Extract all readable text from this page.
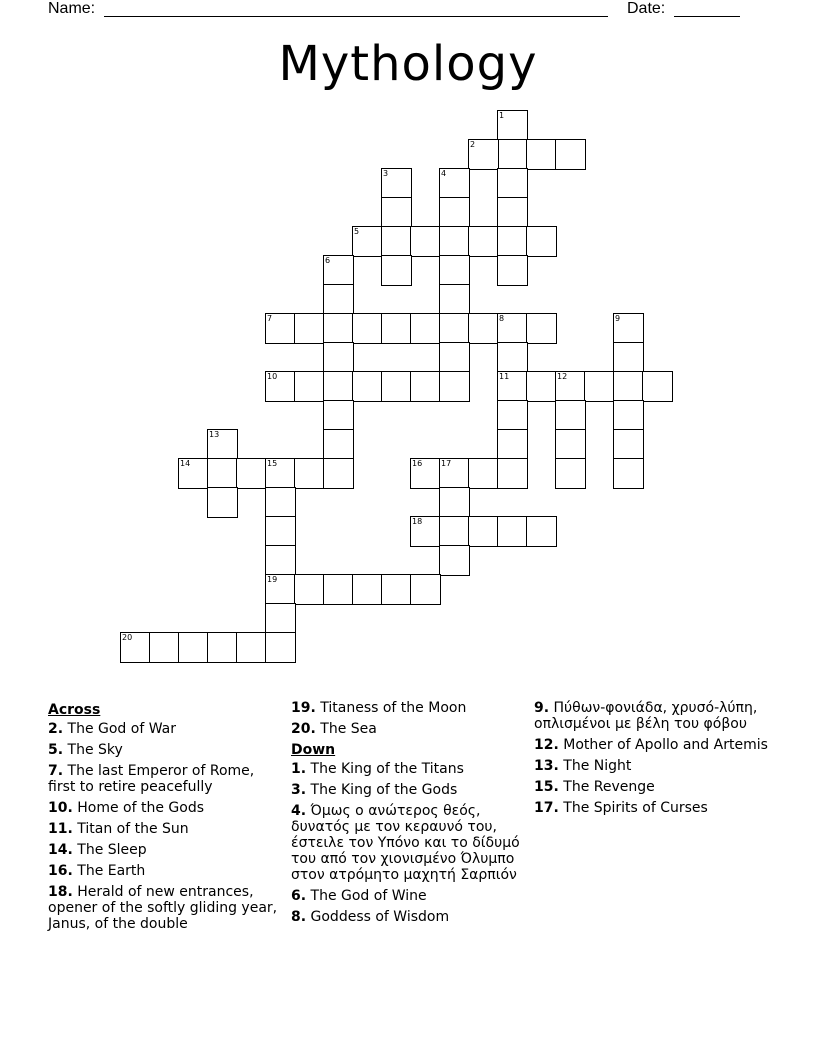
Name:	Date:
Mythology
1
2
3	4
5
6
7	8	9
10	11	12
13
14	15	16 17
18
19
20
Across
2. The God of War
5. The Sky
7. The last Emperor of Rome, first to retire peacefully
10. Home of the Gods
11. Titan of the Sun
14. The Sleep
16. The Earth
18. Herald of new entrances, opener of the softly gliding year, Janus, of the double
19. Titaness of the Moon
20. The Sea
Down
1. The King of the Titans
3. The King of the Gods
4. Όμως ο ανώτερος θεός, δυνατός με τον κεραυνό του, έστειλε τον Υπόνο και το δίδυμό του από τον χιονισμένο Όλυμπο στον ατρόμητο μαχητή Σαρπιόν
6. The God of Wine
8. Goddess of Wisdom
9. Πύθων-φονιάδα, χρυσό-λύπη, οπλισμένοι με βέλη του φόβου
12. Mother of Apollo and Artemis
13. The Night
15. The Revenge
17. The Spirits of Curses
